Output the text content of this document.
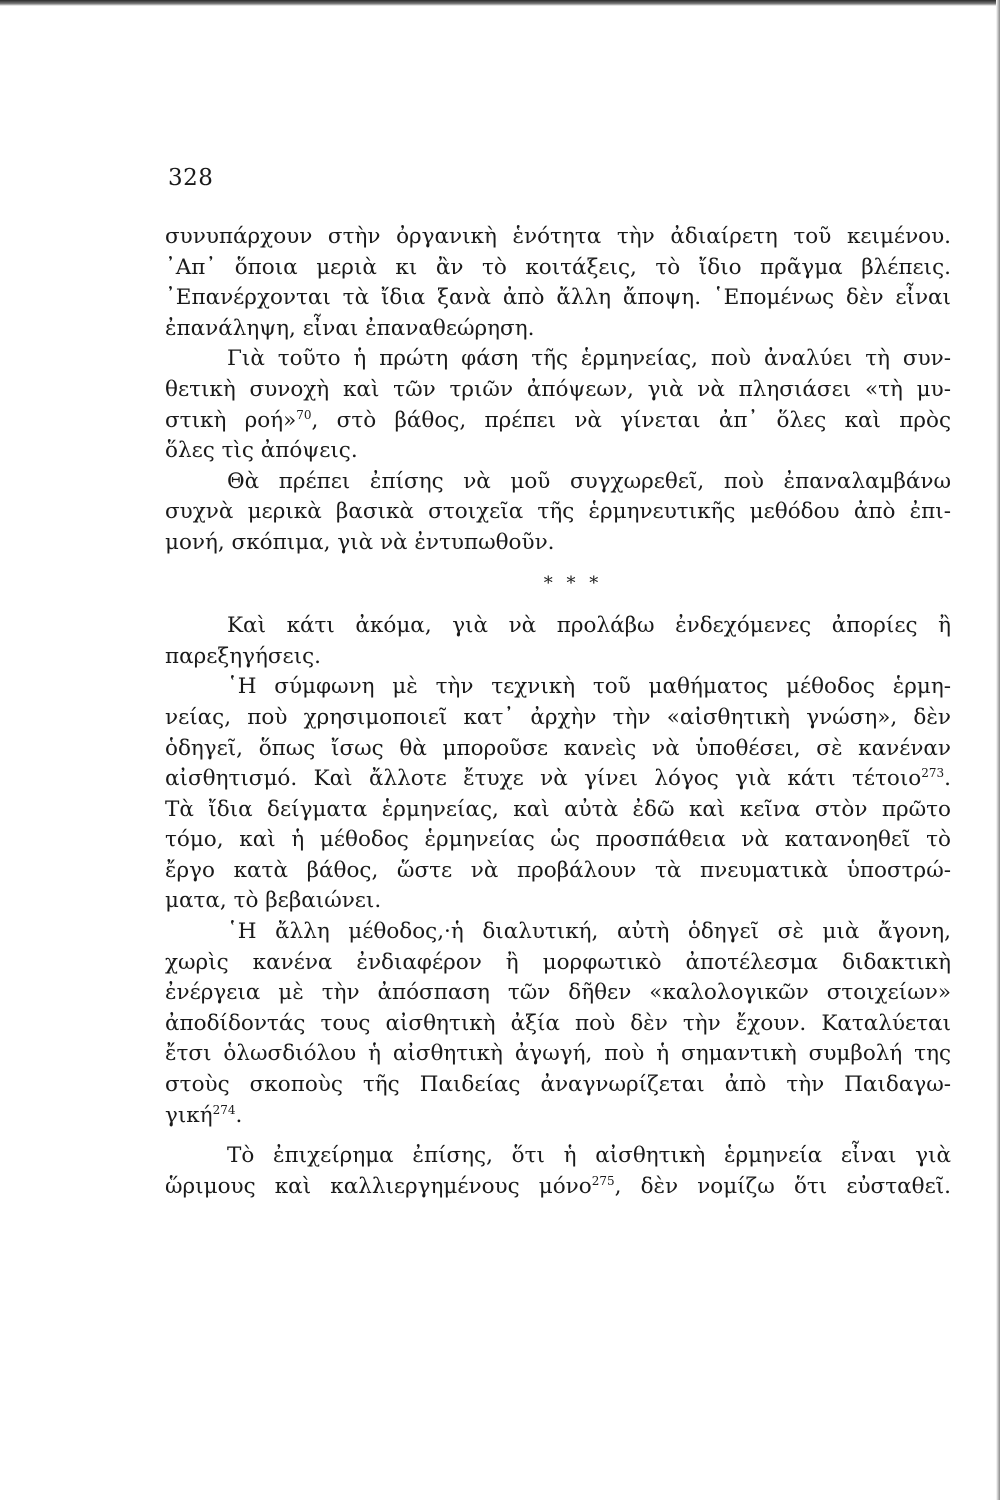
328
συνυπάρχουν στὴν ὀργανικὴ ἑνότητα τὴν ἀδιαίρετη τοῦ κειμένου.
᾽Απ᾽ ὅποια μεριὰ κι ἂν τὸ κοιτάξεις, τὸ ἴδιο πρᾶγμα βλέπεις.
᾽Επανέρχονται τὰ ἴδια ξανὰ ἀπὸ ἄλλη ἄποψη. ῾Επομένως δὲν εἶναι
ἐπανάληψη, εἶναι ἐπαναθεώρηση.
Γιὰ τοῦτο ἡ πρώτη φάση τῆς ἑρμηνείας, ποὺ ἀναλύει τὴ συν-
θετικὴ συνοχὴ καὶ τῶν τριῶν ἀπόψεων, γιὰ νὰ πλησιάσει «τὴ μυ-
στικὴ ροή»$^{70}$, στὸ βάθος, πρέπει νὰ γίνεται ἀπ᾽ ὅλες καὶ πρὸς
ὅλες τὶς ἀπόψεις.
Θὰ πρέπει ἐπίσης νὰ μοῦ συγχωρεθεῖ, ποὺ ἐπαναλαμβάνω
συχνὰ μερικὰ βασικὰ στοιχεῖα τῆς ἑρμηνευτικῆς μεθόδου ἀπὸ ἐπι-
μονή, σκόπιμα, γιὰ νὰ ἐντυπωθοῦν.
* * *
Καὶ κάτι ἀκόμα, γιὰ νὰ προλάβω ἐνδεχόμενες ἀπορίες ἢ
παρεξηγήσεις.
῾Η σύμφωνη μὲ τὴν τεχνικὴ τοῦ μαθήματος μέθοδος ἑρμη-
νείας, ποὺ χρησιμοποιεῖ κατ᾽ ἀρχὴν τὴν «αἰσθητικὴ γνώση», δὲν
ὁδηγεῖ, ὅπως ἴσως θὰ μποροῦσε κανεὶς νὰ ὑποθέσει, σὲ κανέναν
αἰσθητισμό. Καὶ ἄλλοτε ἔτυχε νὰ γίνει λόγος γιὰ κάτι τέτοιο$^{273}$.
Τὰ ἴδια δείγματα ἑρμηνείας, καὶ αὐτὰ ἐδῶ καὶ κεῖνα στὸν πρῶτο
τόμο, καὶ ἡ μέθοδος ἑρμηνείας ὡς προσπάθεια νὰ κατανοηθεῖ τὸ
ἔργο κατὰ βάθος, ὥστε νὰ προβάλουν τὰ πνευματικὰ ὑποστρώ-
ματα, τὸ βεβαιώνει.
῾Η ἄλλη μέθοδος,·ἡ διαλυτική, αὐτὴ ὁδηγεῖ σὲ μιὰ ἄγονη,
χωρὶς κανένα ἐνδιαφέρον ἢ μορφωτικὸ ἀποτέλεσμα διδακτικὴ
ἐνέργεια μὲ τὴν ἀπόσπαση τῶν δῆθεν «καλολογικῶν στοιχείων»
ἀποδίδοντάς τους αἰσθητικὴ ἀξία ποὺ δὲν τὴν ἔχουν. Καταλύεται
ἔτσι ὁλωσδιόλου ἡ αἰσθητικὴ ἀγωγή, ποὺ ἡ σημαντικὴ συμβολή της
στοὺς σκοποὺς τῆς Παιδείας ἀναγνωρίζεται ἀπὸ τὴν Παιδαγω-
γική$^{274}$.
Τὸ ἐπιχείρημα ἐπίσης, ὅτι ἡ αἰσθητικὴ ἑρμηνεία εἶναι γιὰ
ὥριμους καὶ καλλιεργημένους μόνο$^{275}$, δὲν νομίζω ὅτι εὐσταθεῖ.
